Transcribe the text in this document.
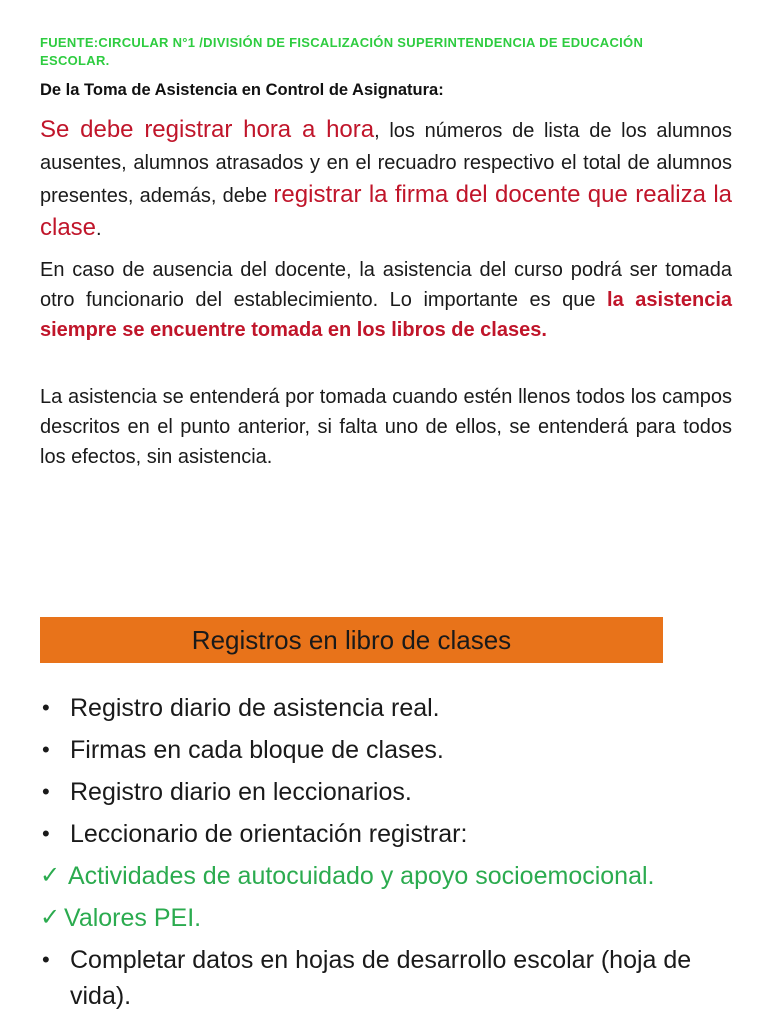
FUENTE:CIRCULAR N°1 /DIVISIÓN DE FISCALIZACIÓN SUPERINTENDENCIA DE EDUCACIÓN
ESCOLAR.
De la Toma de Asistencia en Control de Asignatura:
Se debe registrar hora a hora, los números de lista de los alumnos ausentes, alumnos atrasados y en el recuadro respectivo el total de alumnos presentes, además, debe registrar la firma del docente que realiza la clase.
En caso de ausencia del docente, la asistencia del curso podrá ser tomada otro funcionario del establecimiento. Lo importante es que la asistencia siempre se encuentre tomada en los libros de clases.
La asistencia se entenderá por tomada cuando estén llenos todos los campos descritos en el punto anterior, si falta uno de ellos, se entenderá para todos los efectos, sin asistencia.
Registros en libro de clases
• Registro diario de asistencia real.
• Firmas en cada bloque de clases.
• Registro diario en leccionarios.
• Leccionario de orientación registrar:
✓ Actividades de autocuidado y apoyo socioemocional.
✓ Valores PEI.
• Completar datos en hojas de desarrollo escolar (hoja de vida).
